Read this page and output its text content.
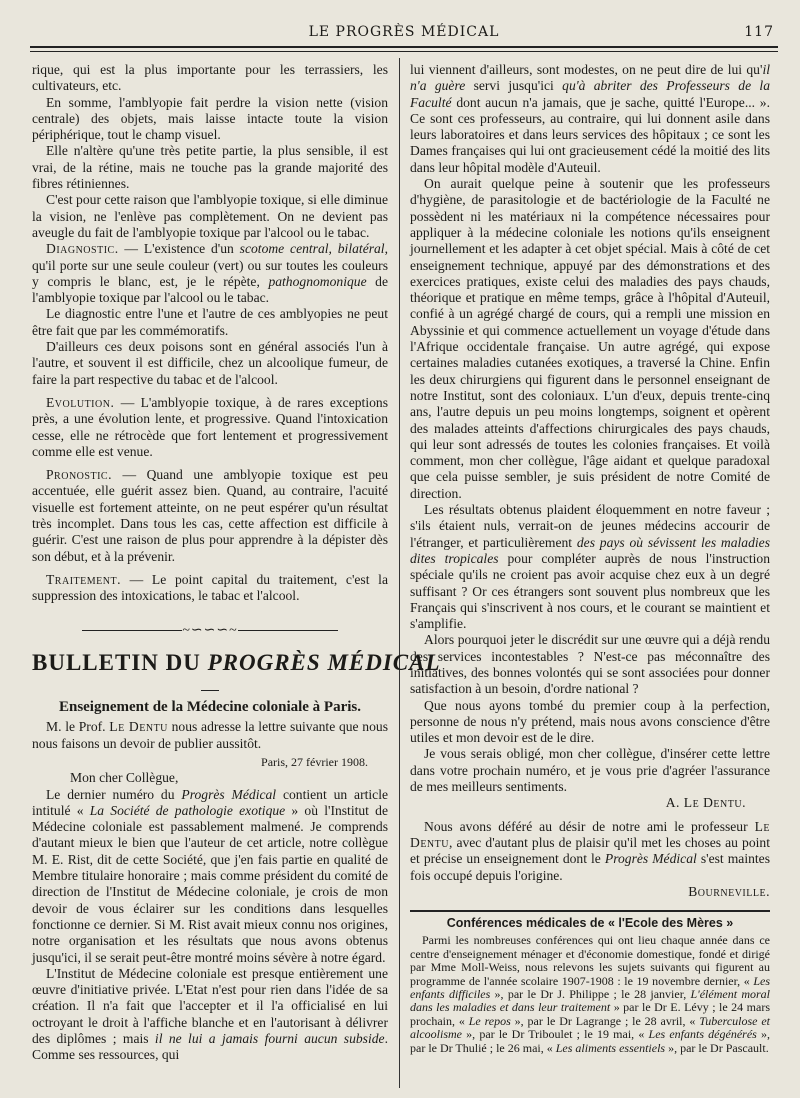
LE PROGRÈS MÉDICAL	117

rique, qui est la plus importante pour les terrassiers, les cultivateurs, etc.

En somme, l'amblyopie fait perdre la vision nette (vision centrale) des objets, mais laisse intacte toute la vision périphérique, tout le champ visuel.

Elle n'altère qu'une très petite partie, la plus sensible, il est vrai, de la rétine, mais ne touche pas la grande majorité des fibres rétiniennes.

C'est pour cette raison que l'amblyopie toxique, si elle diminue la vision, ne l'enlève pas complètement. On ne devient pas aveugle du fait de l'amblyopie toxique par l'alcool ou le tabac.

Diagnostic. — L'existence d'un scotome central, bilatéral, qu'il porte sur une seule couleur (vert) ou sur toutes les couleurs y compris le blanc, est, je le répète, pathognomonique de l'amblyopie toxique par l'alcool ou le tabac.

Le diagnostic entre l'une et l'autre de ces amblyopies ne peut être fait que par les commémoratifs.

D'ailleurs ces deux poisons sont en général associés l'un à l'autre, et souvent il est difficile, chez un alcoolique fumeur, de faire la part respective du tabac et de l'alcool.

Evolution. — L'amblyopie toxique, à de rares exceptions près, a une évolution lente, et progressive. Quand l'intoxication cesse, elle ne rétrocède que fort lentement et progressivement comme elle est venue.

Pronostic. — Quand une amblyopie toxique est peu accentuée, elle guérit assez bien. Quand, au contraire, l'acuité visuelle est fortement atteinte, on ne peut espérer qu'un résultat très incomplet. Dans tous les cas, cette affection est difficile à guérir. C'est une raison de plus pour apprendre à la dépister dès son début, et à la prévenir.

Traitement. — Le point capital du traitement, c'est la suppression des intoxications, le tabac et l'alcool.

~∽∽∽~
BULLETIN DU PROGRÈS MÉDICAL
Enseignement de la Médecine coloniale à Paris.

M. le Prof. Le Dentu nous adresse la lettre suivante que nous nous faisons un devoir de publier aussitôt.

Paris, 27 février 1908.

Mon cher Collègue,

Le dernier numéro du Progrès Médical contient un article intitulé « La Société de pathologie exotique » où l'Institut de Médecine coloniale est passablement malmené. Je comprends d'autant mieux le bien que l'auteur de cet article, notre collègue M. E. Rist, dit de cette Société, que j'en fais partie en qualité de Membre titulaire honoraire ; mais comme président du comité de direction de l'Institut de Médecine coloniale, je crois de mon devoir de vous éclairer sur les conditions dans lesquelles fonctionne ce dernier. Si M. Rist avait mieux connu nos origines, notre organisation et les résultats que nous avons obtenus jusqu'ici, il se serait peut-être montré moins sévère à notre égard.

L'Institut de Médecine coloniale est presque entièrement une œuvre d'initiative privée. L'Etat n'est pour rien dans l'idée de sa création. Il n'a fait que l'accepter et il l'a officialisé en lui octroyant le droit à l'affiche blanche et en l'autorisant à délivrer des diplômes ; mais il ne lui a jamais fourni aucun subside. Comme ses ressources, qui

lui viennent d'ailleurs, sont modestes, on ne peut dire de lui qu'il n'a guère servi jusqu'ici qu'à abriter des Professeurs de la Faculté dont aucun n'a jamais, que je sache, quitté l'Europe... ». Ce sont ces professeurs, au contraire, qui lui donnent asile dans leurs laboratoires et dans leurs services des hôpitaux ; ce sont les Dames françaises qui lui ont gracieusement cédé la moitié des lits dans leur hôpital modèle d'Auteuil.

On aurait quelque peine à soutenir que les professeurs d'hygiène, de parasitologie et de bactériologie de la Faculté ne possèdent ni les matériaux ni la compétence nécessaires pour appliquer à la médecine coloniale les notions qu'ils enseignent journellement et les adapter à cet objet spécial. Mais à côté de cet enseignement technique, appuyé par des démonstrations et des exercices pratiques, existe celui des maladies des pays chauds, théorique et pratique en même temps, grâce à l'hôpital d'Auteuil, confié à un agrégé chargé de cours, qui a rempli une mission en Abyssinie et qui commence actuellement un voyage d'étude dans l'Afrique occidentale française. Un autre agrégé, qui expose certaines maladies cutanées exotiques, a traversé la Chine. Enfin les deux chirurgiens qui figurent dans le personnel enseignant de notre Institut, sont des coloniaux. L'un d'eux, depuis trente-cinq ans, l'autre depuis un peu moins longtemps, soignent et opèrent des malades atteints d'affections chirurgicales des pays chauds, qui leur sont adressés de toutes les colonies françaises. Et voilà comment, mon cher collègue, l'âge aidant et quelque paradoxal que cela puisse sembler, je suis président de notre Comité de direction.

Les résultats obtenus plaident éloquemment en notre faveur ; s'ils étaient nuls, verrait-on de jeunes médecins accourir de l'étranger, et particulièrement des pays où sévissent les maladies dites tropicales pour compléter auprès de nous l'instruction spéciale qu'ils ne croient pas avoir acquise chez eux à un degré suffisant ? Or ces étrangers sont souvent plus nombreux que les Français qui s'inscrivent à nos cours, et le courant se maintient et s'amplifie.

Alors pourquoi jeter le discrédit sur une œuvre qui a déjà rendu des services incontestables ? N'est-ce pas méconnaître des initiatives, des bonnes volontés qui se sont associées pour donner satisfaction à un besoin, d'ordre national ?

Que nous ayons tombé du premier coup à la perfection, personne de nous n'y prétend, mais nous avons conscience d'être utiles et mon devoir est de le dire.

Je vous serais obligé, mon cher collègue, d'insérer cette lettre dans votre prochain numéro, et je vous prie d'agréer l'assurance de mes meilleurs sentiments.

A. Le Dentu.

Nous avons déféré au désir de notre ami le professeur Le Dentu, avec d'autant plus de plaisir qu'il met les choses au point et précise un enseignement dont le Progrès Médical s'est maintes fois occupé depuis l'origine.

Bourneville.

Conférences médicales de « l'Ecole des Mères »

Parmi les nombreuses conférences qui ont lieu chaque année dans ce centre d'enseignement ménager et d'économie domestique, fondé et dirigé par Mme Moll-Weiss, nous relevons les sujets suivants qui figurent au programme de l'année scolaire 1907-1908 : le 19 novembre dernier, « Les enfants difficiles », par le Dr J. Philippe ; le 28 janvier, L'élément moral dans les maladies et dans leur traitement » par le Dr E. Lévy ; le 24 mars prochain, « Le repos », par le Dr Lagrange ; le 28 avril, « Tuberculose et alcoolisme », par le Dr Triboulet ; le 19 mai, « Les enfants dégénérés », par le Dr Thulié ; le 26 mai, « Les aliments essentiels », par le Dr Pascault.
